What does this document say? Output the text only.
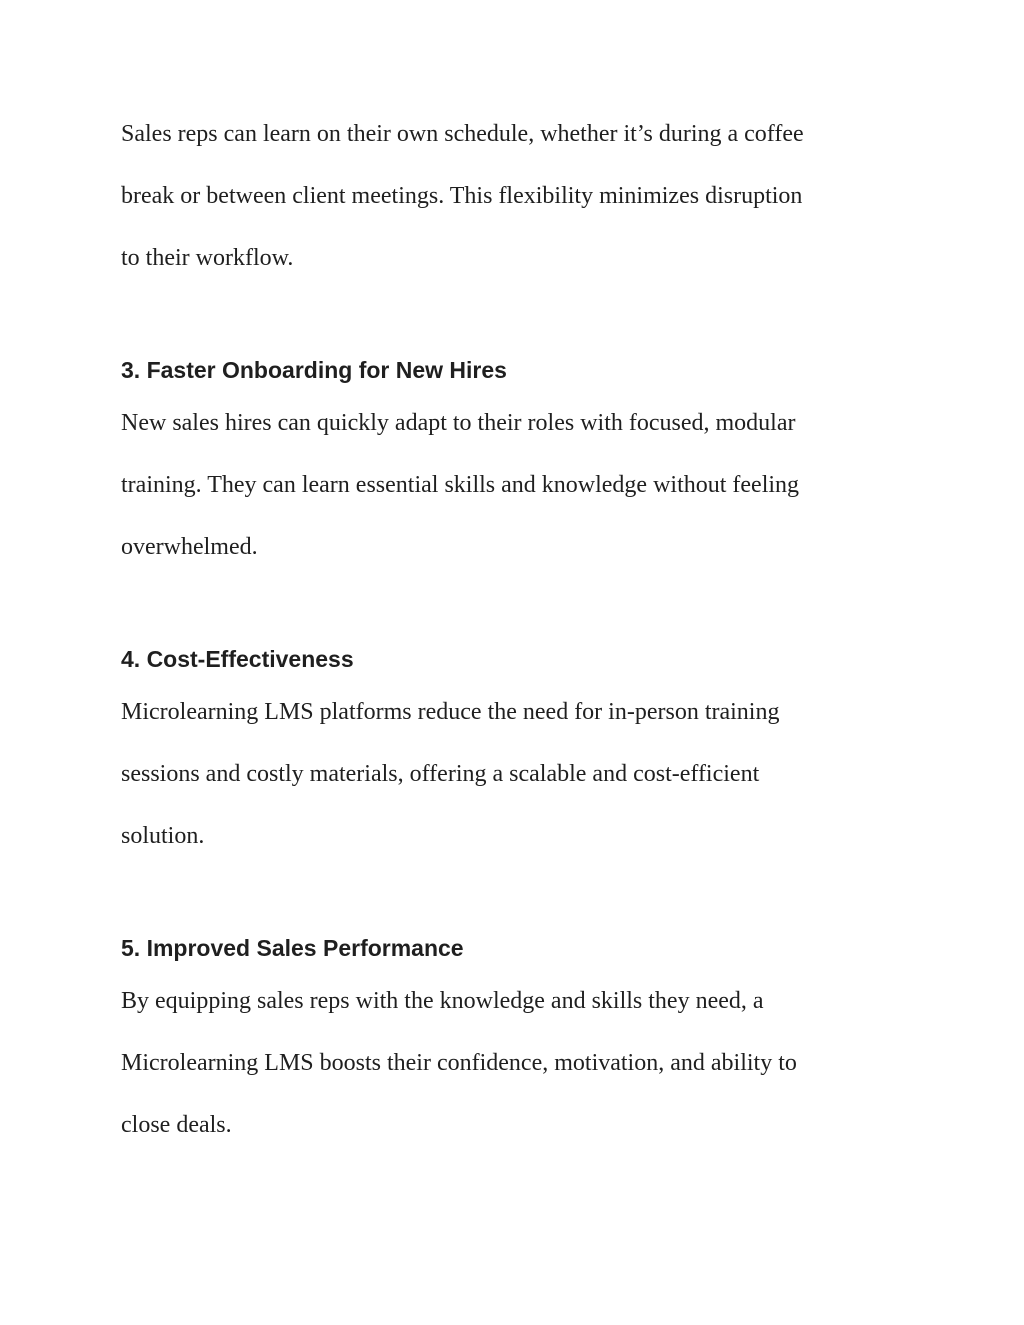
Sales reps can learn on their own schedule, whether it’s during a coffee

break or between client meetings. This flexibility minimizes disruption

to their workflow.

3. Faster Onboarding for New Hires

New sales hires can quickly adapt to their roles with focused, modular

training. They can learn essential skills and knowledge without feeling

overwhelmed.

4. Cost-Effectiveness

Microlearning LMS platforms reduce the need for in-person training

sessions and costly materials, offering a scalable and cost-efficient

solution.

5. Improved Sales Performance

By equipping sales reps with the knowledge and skills they need, a

Microlearning LMS boosts their confidence, motivation, and ability to

close deals.
